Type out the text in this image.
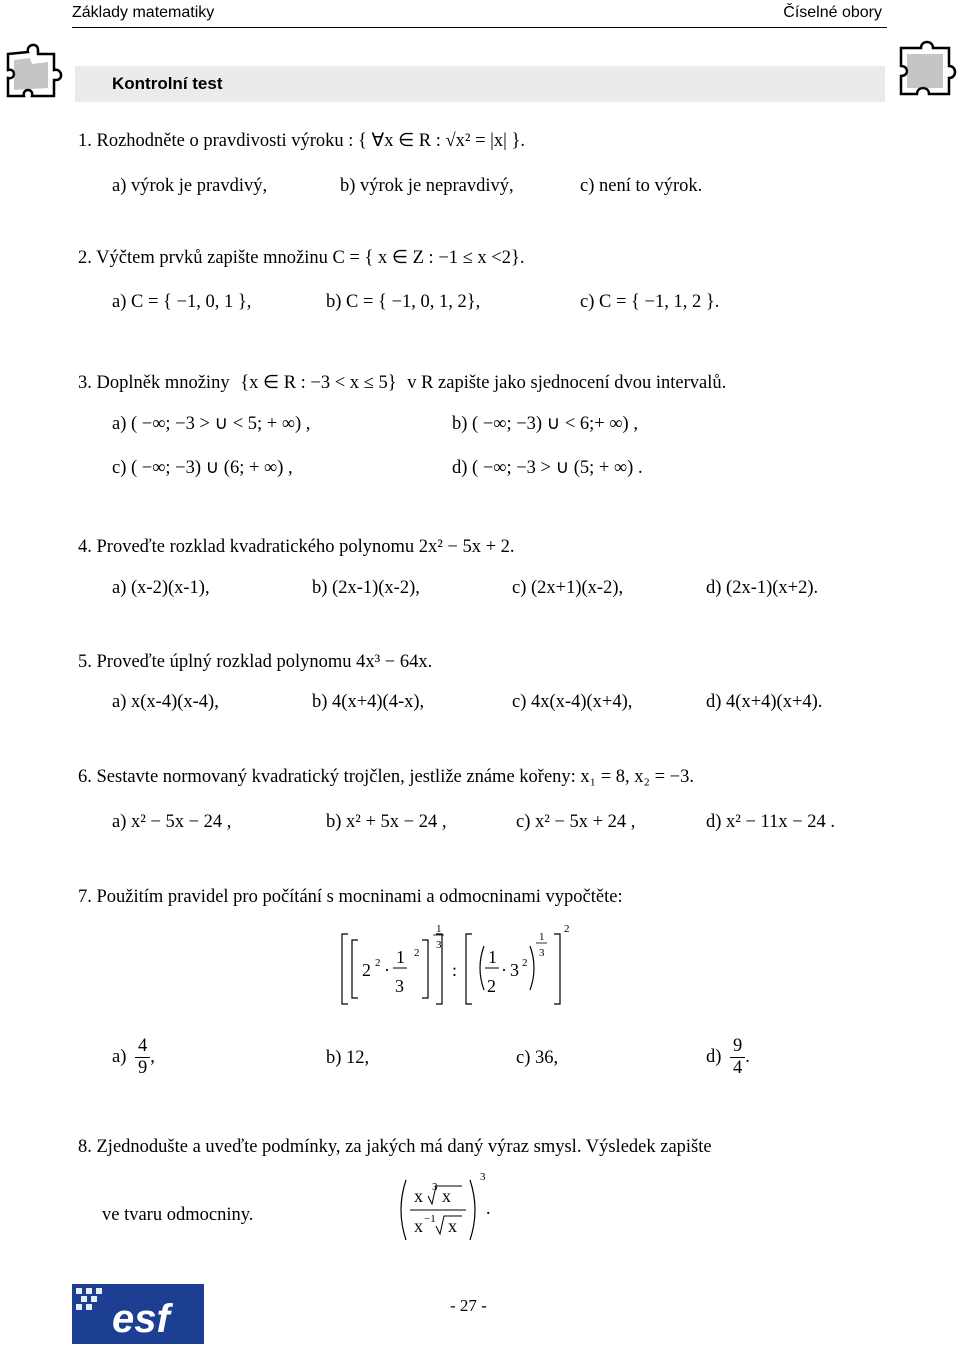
Základy matematiky	Číselné obory
Kontrolní test
1. Rozhodněte o pravdivosti výroku : { ∀x ∈ R : √x² = |x| }.
a) výrok je pravdivý,	b) výrok je nepravdivý,	c) není to výrok.
2. Výčtem prvků zapište množinu C = { x ∈ Z : −1 ≤ x <2}.
a) C = { −1, 0, 1 },	b) C = { −1, 0, 1, 2},	c) C = { −1, 1, 2 }.
3. Doplněk množiny {x ∈ R : −3 < x ≤ 5} v R zapište jako sjednocení dvou intervalů.
a) ( −∞; −3 > ∪ < 5; + ∞) ,	b) ( −∞; −3) ∪ < 6;+ ∞) ,
c) ( −∞; −3) ∪ (6; + ∞) ,	d) ( −∞; −3 > ∪ (5; + ∞) .
4. Proveďte rozklad kvadratického polynomu 2x² − 5x + 2.
a) (x-2)(x-1),	b) (2x-1)(x-2),	c) (2x+1)(x-2),	d) (2x-1)(x+2).
5. Proveďte úplný rozklad polynomu 4x³ − 64x.
a) x(x-4)(x-4),	b) 4(x+4)(4-x),	c) 4x(x-4)(x+4),	d) 4(x+4)(x+4).
6. Sestavte normovaný kvadratický trojčlen, jestliže známe kořeny: x₁ = 8, x₂ = −3.
a) x² − 5x − 24 ,	b) x² + 5x − 24 ,	c) x² − 5x + 24 ,	d) x² − 11x − 24 .
7. Použitím pravidel pro počítání s mocninami a odmocninami vypočtěte:
2 2 ·
1
3
2
1
3
:
1
2
· 3 2
1
3
2
$a) \frac{4}{9}$ ,	b) 12,	c) 36,	$d) \frac{9}{4}$ .
8. Zjednodušte a uveďte podmínky, za jakých má daný výraz smysl. Výsledek zapište
ve tvaru odmocniny.
x 3 x
x −1 x
3
.
esf	- 27 -
